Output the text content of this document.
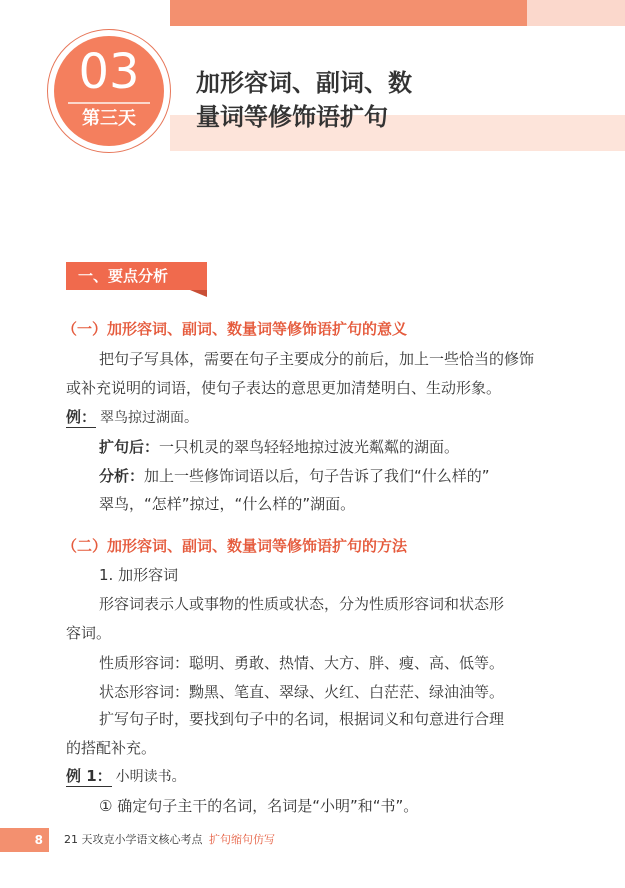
03
第三天
加形容词、副词、数
量词等修饰语扩句
一、要点分析
（一）加形容词、副词、数量词等修饰语扩句的意义
把句子写具体，需要在句子主要成分的前后，加上一些恰当的修饰
或补充说明的词语，使句子表达的意思更加清楚明白、生动形象。
例： 翠鸟掠过湖面。
扩句后：一只机灵的翠鸟轻轻地掠过波光粼粼的湖面。
分析：加上一些修饰词语以后，句子告诉了我们“什么样的”
翠鸟，“怎样”掠过，“什么样的”湖面。
（二）加形容词、副词、数量词等修饰语扩句的方法
1. 加形容词
形容词表示人或事物的性质或状态，分为性质形容词和状态形
容词。
性质形容词：聪明、勇敢、热情、大方、胖、瘦、高、低等。
状态形容词：黝黑、笔直、翠绿、火红、白茫茫、绿油油等。
扩写句子时，要找到句子中的名词，根据词义和句意进行合理
的搭配补充。
例 1： 小明读书。
① 确定句子主干的名词，名词是“小明”和“书”。
8 21 天攻克小学语文核心考点 扩句缩句仿写
